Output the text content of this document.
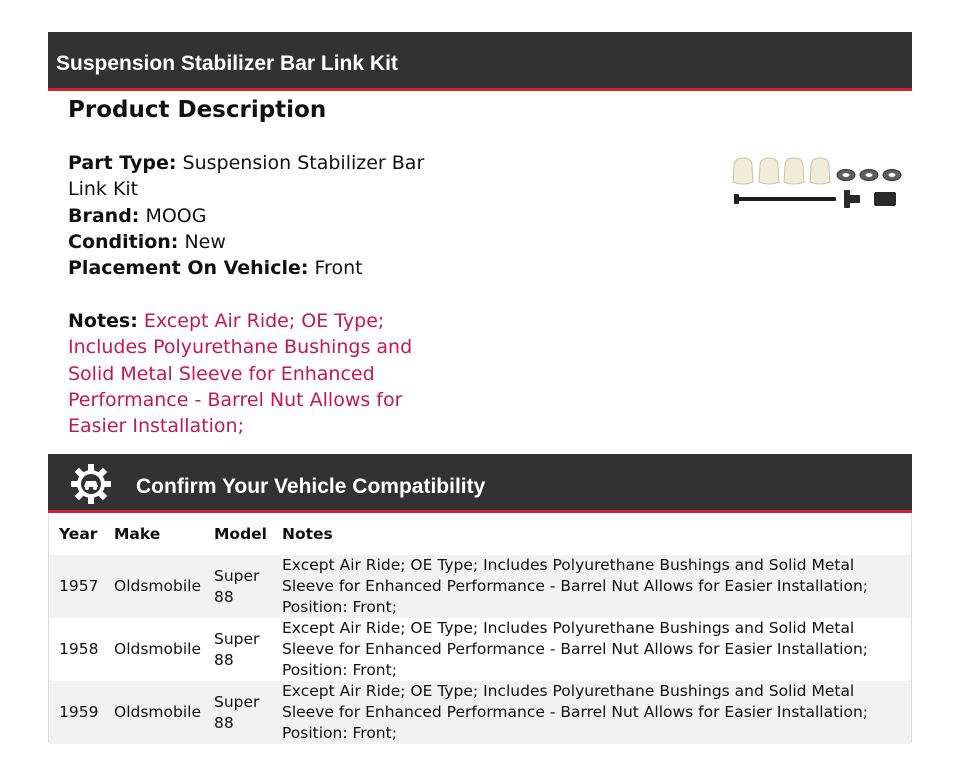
Suspension Stabilizer Bar Link Kit
Product Description
Part Type: Suspension Stabilizer Bar Link Kit
Brand: MOOG
Condition: New
Placement On Vehicle: Front
Notes: Except Air Ride; OE Type; Includes Polyurethane Bushings and Solid Metal Sleeve for Enhanced Performance - Barrel Nut Allows for Easier Installation;
Confirm Your Vehicle Compatibility
Year	Make	Model	Notes
1957	Oldsmobile	Super 88	Except Air Ride; OE Type; Includes Polyurethane Bushings and Solid Metal Sleeve for Enhanced Performance - Barrel Nut Allows for Easier Installation; Position: Front;
1958	Oldsmobile	Super 88	Except Air Ride; OE Type; Includes Polyurethane Bushings and Solid Metal Sleeve for Enhanced Performance - Barrel Nut Allows for Easier Installation; Position: Front;
1959	Oldsmobile	Super 88	Except Air Ride; OE Type; Includes Polyurethane Bushings and Solid Metal Sleeve for Enhanced Performance - Barrel Nut Allows for Easier Installation; Position: Front;
